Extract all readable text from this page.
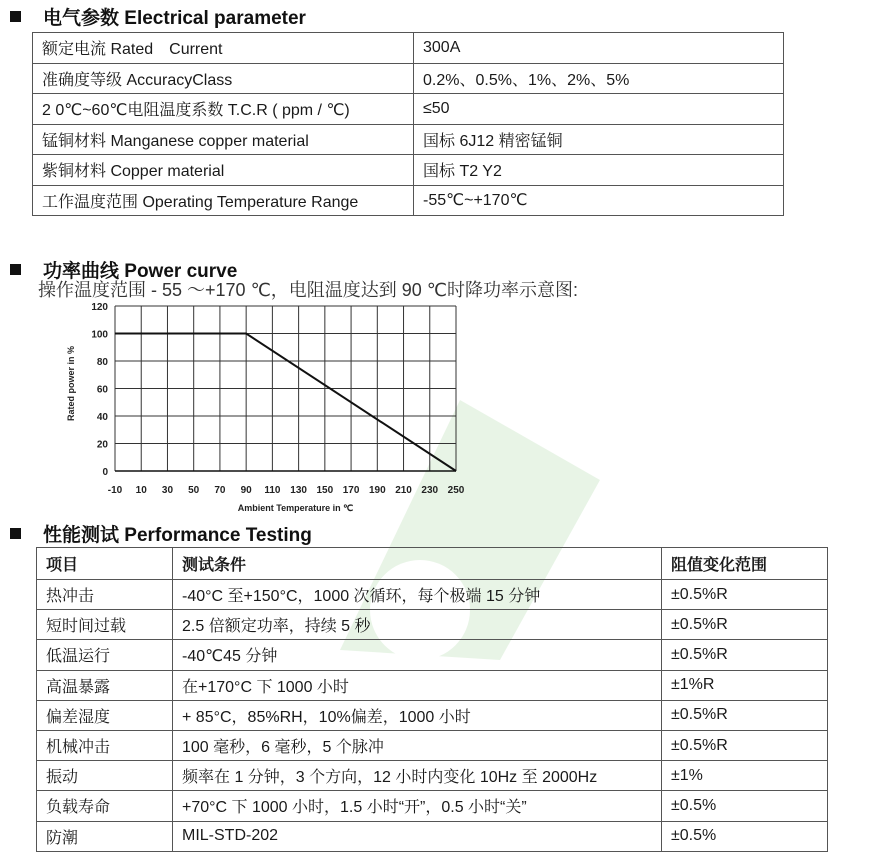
电气参数 Electrical parameter
额定电流 Rated　Current	300A
准确度等级 AccuracyClass	0.2%、0.5%、1%、2%、5%
2 0℃~60℃电阻温度系数 T.C.R ( ppm / ℃)	≤50
锰铜材料 Manganese copper material	国标 6J12 精密锰铜
紫铜材料 Copper material	国标 T2 Y2
工作温度范围 Operating Temperature Range	-55℃~+170℃
功率曲线 Power curve
操作温度范围 - 55 ～+170 ℃，电阻温度达到 90 ℃时降功率示意图:
-10 10 30 50 70 90 110 130 150 170 190 210 230 250
0
20
40
60
80
100
120
Ambient Temperature in ℃
Rated power in %
性能测试 Performance Testing
项目	测试条件	阻值变化范围
热冲击	-40°C 至+150°C，1000 次循环，每个极端 15 分钟	±0.5%R
短时间过载	2.5 倍额定功率，持续 5 秒	±0.5%R
低温运行	-40℃45 分钟	±0.5%R
高温暴露	在+170°C 下 1000 小时	±1%R
偏差湿度	+ 85°C，85%RH，10%偏差，1000 小时	±0.5%R
机械冲击	100 毫秒，6 毫秒，5 个脉冲	±0.5%R
振动	频率在 1 分钟，3 个方向，12 小时内变化 10Hz 至 2000Hz	±1%
负载寿命	+70°C 下 1000 小时，1.5 小时“开”，0.5 小时“关”	±0.5%
防潮	MIL-STD-202	±0.5%
